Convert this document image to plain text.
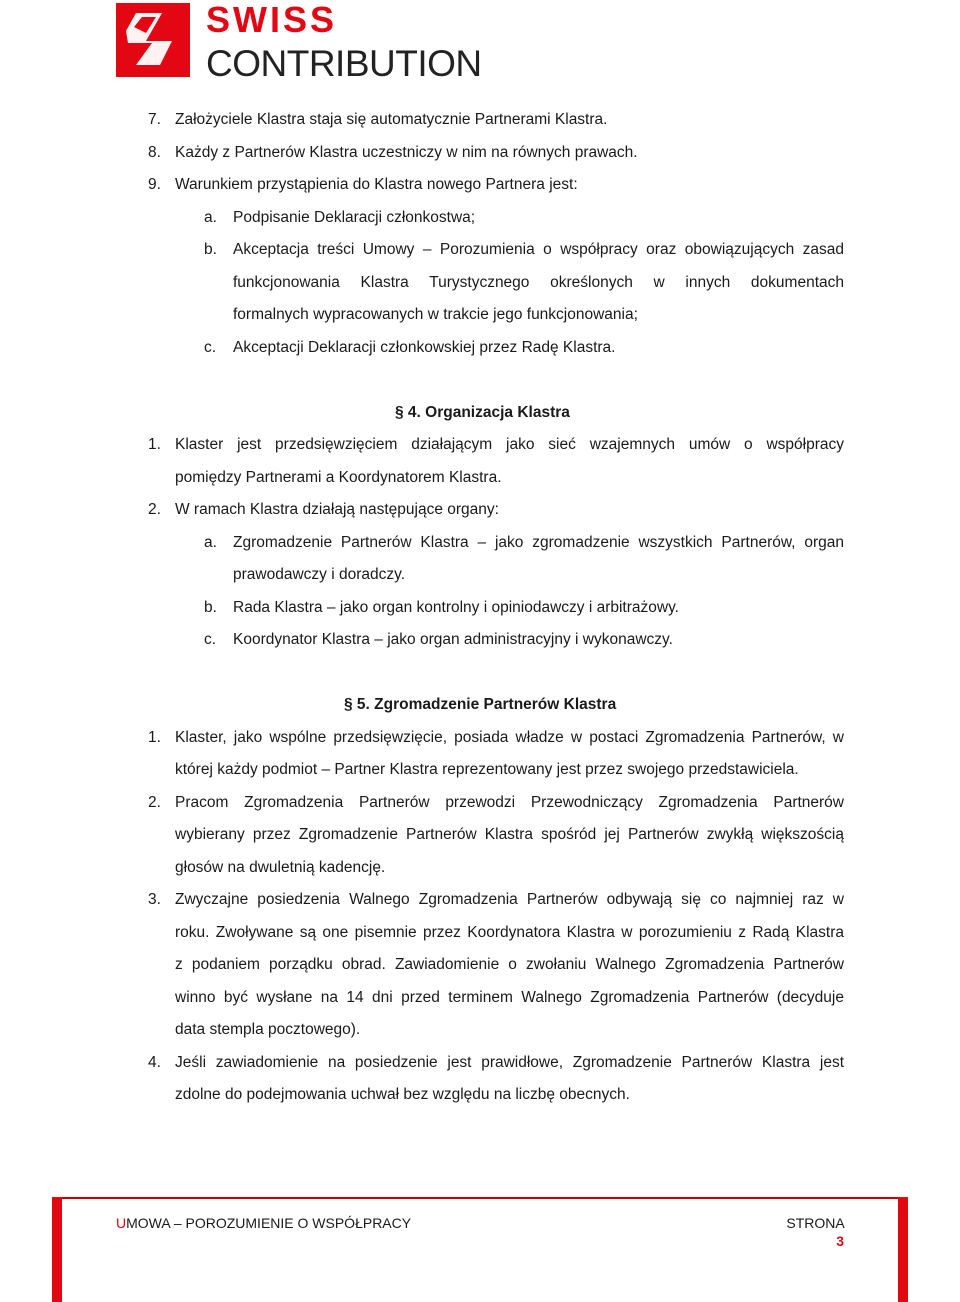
SWISS
CONTRIBUTION
7. Założyciele Klastra staja się automatycznie Partnerami Klastra.
8. Każdy z Partnerów Klastra uczestniczy w nim na równych prawach.
9. Warunkiem przystąpienia do Klastra nowego Partnera jest:
a.	Podpisanie Deklaracji członkostwa;
b. Akceptacja treści Umowy – Porozumienia o współpracy oraz obowiązujących zasad
funkcjonowania Klastra Turystycznego określonych w innych dokumentach
formalnych wypracowanych w trakcie jego funkcjonowania;
c.	Akceptacji Deklaracji członkowskiej przez Radę Klastra.
§ 4. Organizacja Klastra
1. Klaster jest przedsięwzięciem działającym jako sieć wzajemnych umów o współpracy
pomiędzy Partnerami a Koordynatorem Klastra.
2. W ramach Klastra działają następujące organy:
a. Zgromadzenie Partnerów Klastra – jako zgromadzenie wszystkich Partnerów, organ
prawodawczy i doradczy.
b.	Rada Klastra – jako organ kontrolny i opiniodawczy i arbitrażowy.
c.	Koordynator Klastra – jako organ administracyjny i wykonawczy.
§ 5. Zgromadzenie Partnerów Klastra
1. Klaster, jako wspólne przedsięwzięcie, posiada władze w postaci Zgromadzenia Partnerów, w
której każdy podmiot – Partner Klastra reprezentowany jest przez swojego przedstawiciela.
2. Pracom Zgromadzenia Partnerów przewodzi Przewodniczący Zgromadzenia Partnerów
wybierany przez Zgromadzenie Partnerów Klastra spośród jej Partnerów zwykłą większością
głosów na dwuletnią kadencję.
3. Zwyczajne posiedzenia Walnego Zgromadzenia Partnerów odbywają się co najmniej raz w
roku. Zwoływane są one pisemnie przez Koordynatora Klastra w porozumieniu z Radą Klastra
z podaniem porządku obrad. Zawiadomienie o zwołaniu Walnego Zgromadzenia Partnerów
winno być wysłane na 14 dni przed terminem Walnego Zgromadzenia Partnerów (decyduje
data stempla pocztowego).
4. Jeśli zawiadomienie na posiedzenie jest prawidłowe, Zgromadzenie Partnerów Klastra jest
zdolne do podejmowania uchwał bez względu na liczbę obecnych.
UMOWA – POROZUMIENIE O WSPÓŁPRACY	STRONA 3
